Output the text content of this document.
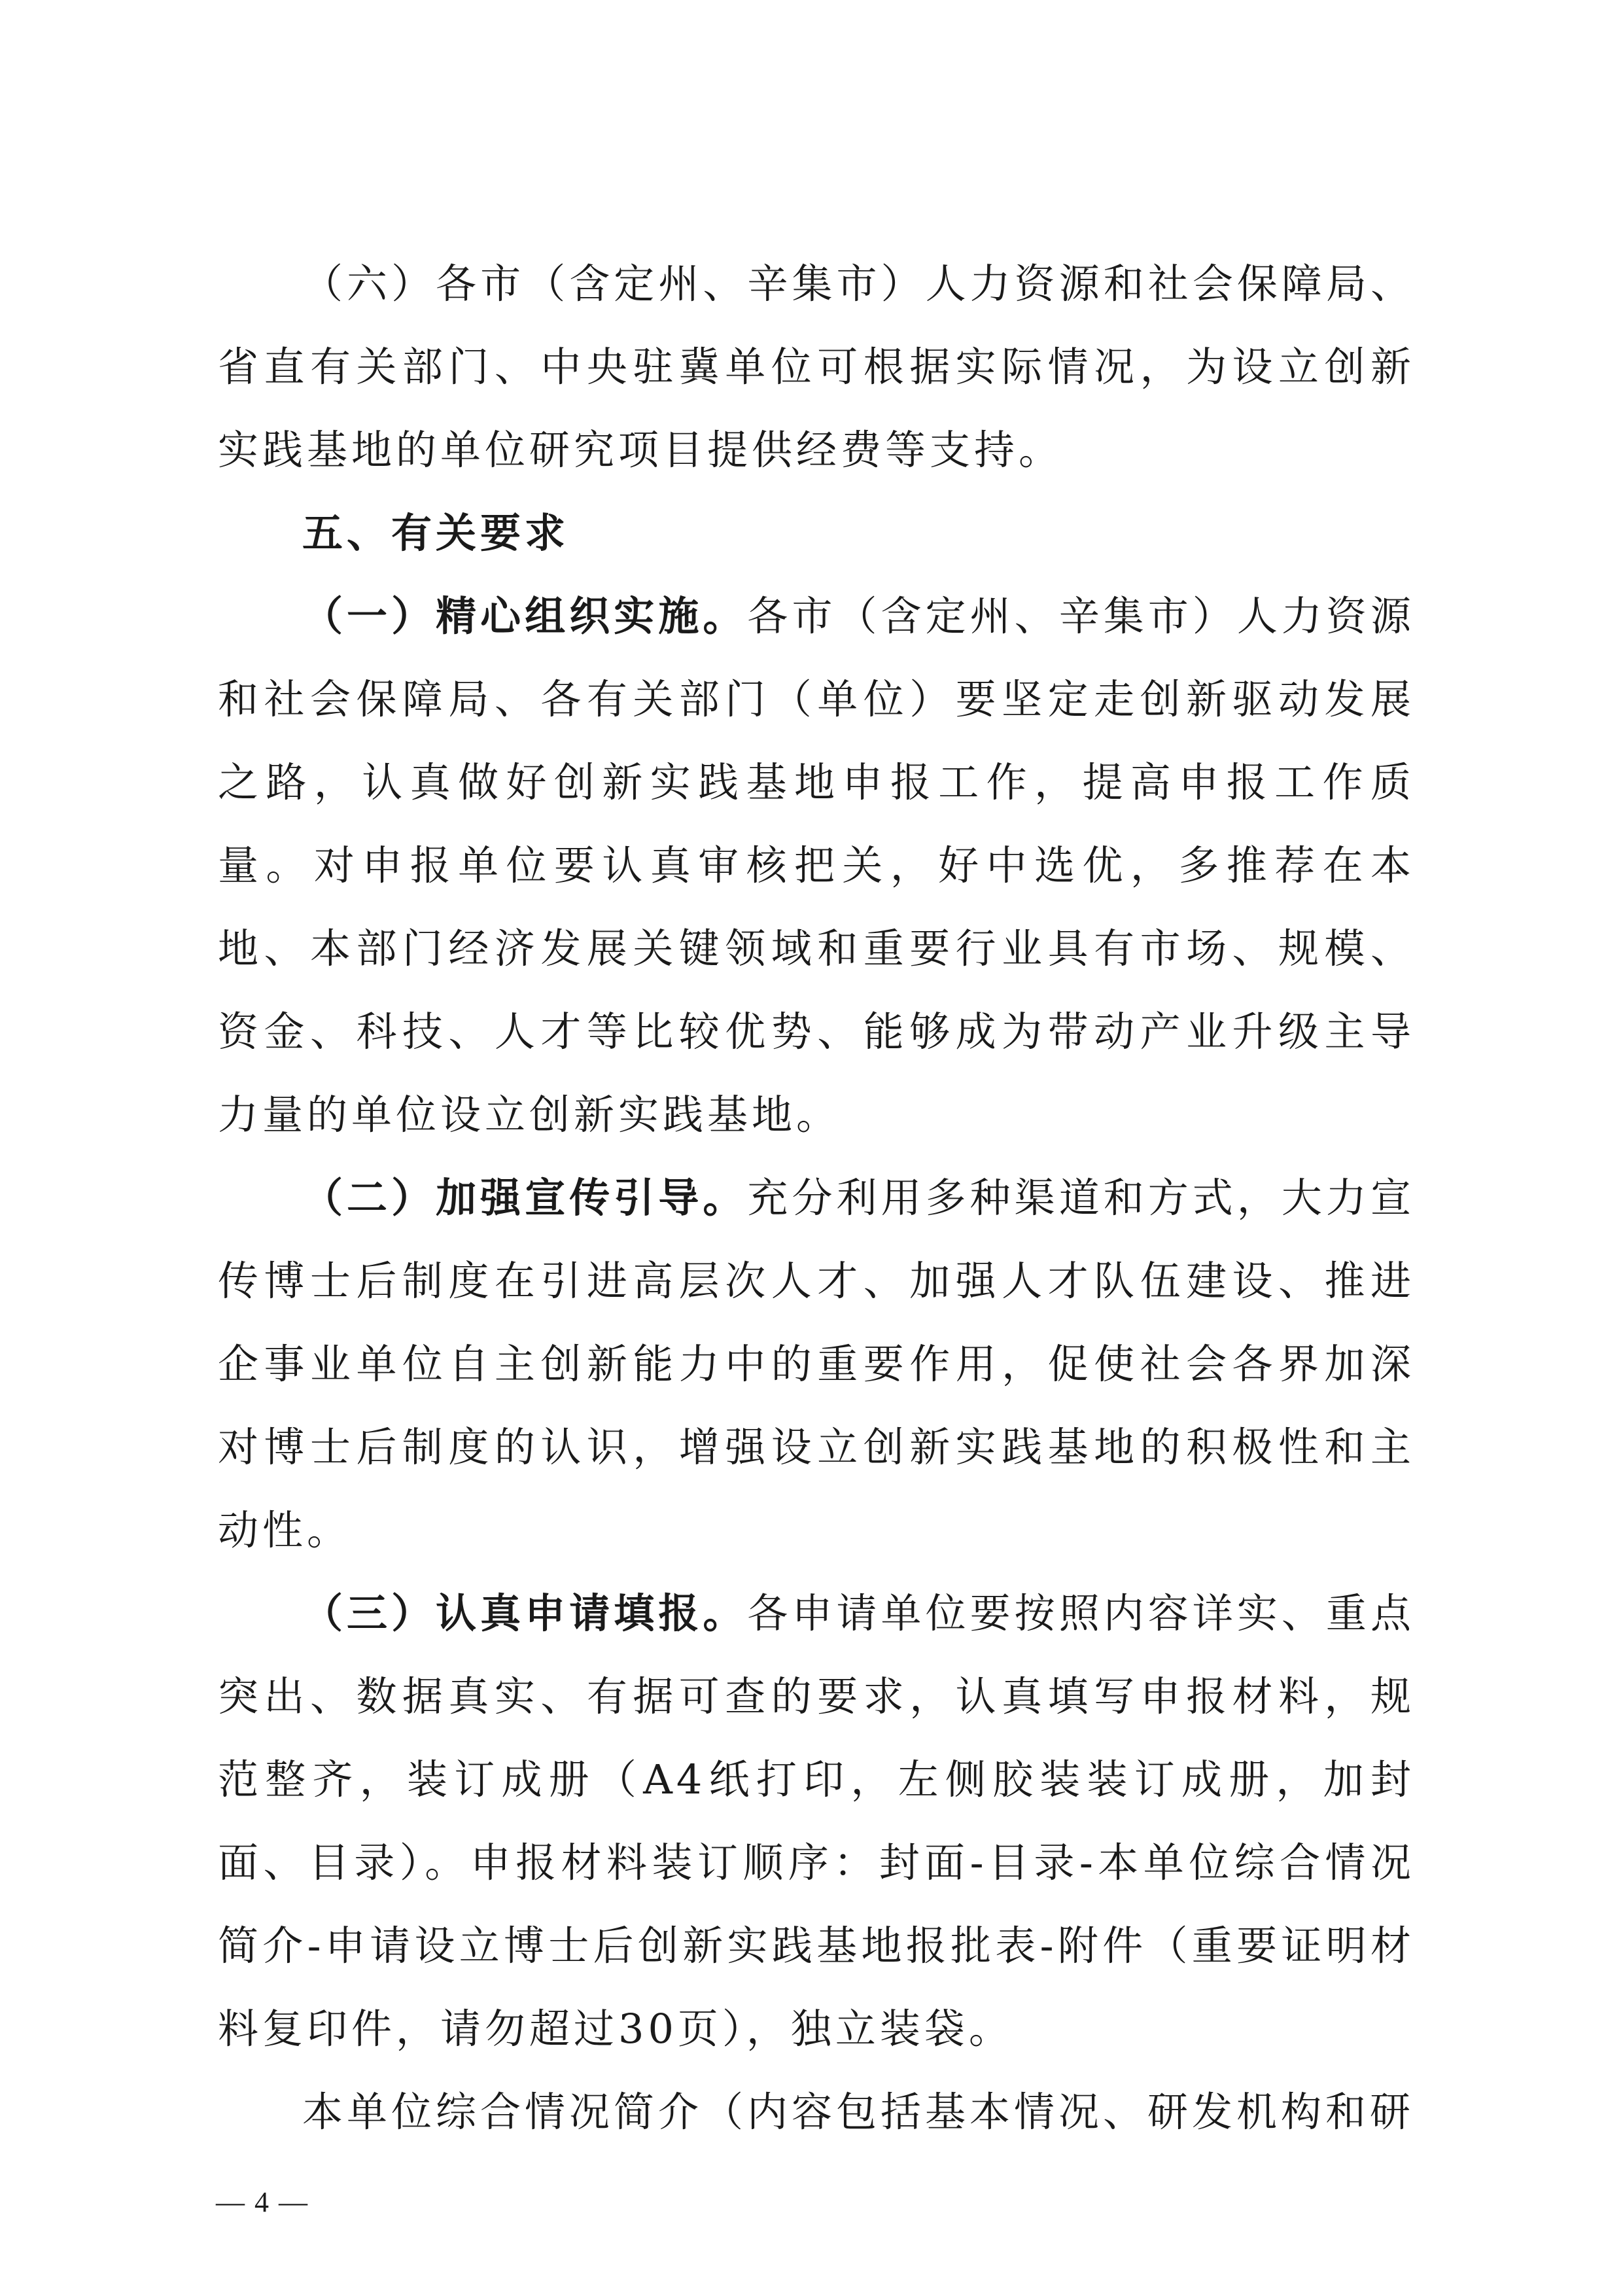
（六）各市（含定州、辛集市）人力资源和社会保障局、省直有关部门、中央驻冀单位可根据实际情况，为设立创新实践基地的单位研究项目提供经费等支持。

五、有关要求

（一）精心组织实施。各市（含定州、辛集市）人力资源和社会保障局、各有关部门（单位）要坚定走创新驱动发展之路，认真做好创新实践基地申报工作，提高申报工作质量。对申报单位要认真审核把关，好中选优，多推荐在本地、本部门经济发展关键领域和重要行业具有市场、规模、资金、科技、人才等比较优势、能够成为带动产业升级主导力量的单位设立创新实践基地。

（二）加强宣传引导。充分利用多种渠道和方式，大力宣传博士后制度在引进高层次人才、加强人才队伍建设、推进企事业单位自主创新能力中的重要作用，促使社会各界加深对博士后制度的认识，增强设立创新实践基地的积极性和主动性。

（三）认真申请填报。各申请单位要按照内容详实、重点突出、数据真实、有据可查的要求，认真填写申报材料，规范整齐，装订成册（A4纸打印，左侧胶装装订成册，加封面、目录）。申报材料装订顺序：封面-目录-本单位综合情况简介-申请设立博士后创新实践基地报批表-附件（重要证明材料复印件，请勿超过30页），独立装袋。

本单位综合情况简介（内容包括基本情况、研发机构和研

— 4 —
